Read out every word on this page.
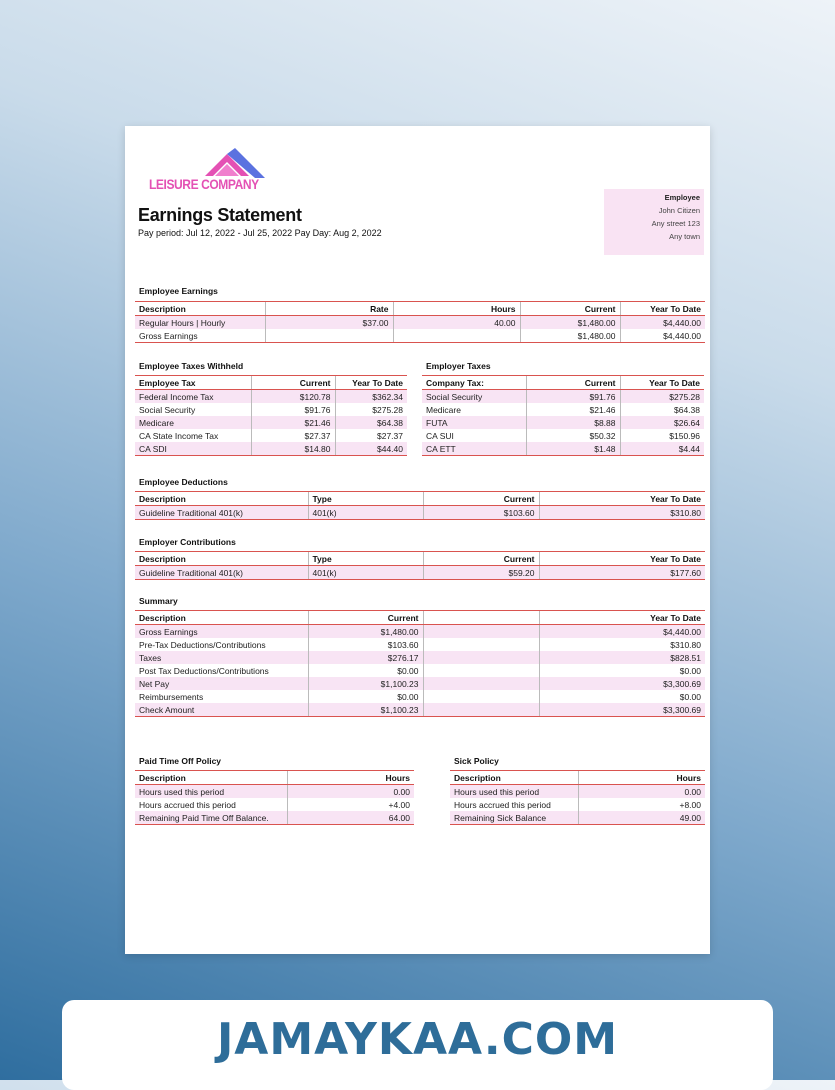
LEISURE COMPANY
Earnings Statement
Pay period: Jul 12, 2022 - Jul 25, 2022 Pay Day: Aug 2, 2022
Employee
John Citizen
Any street 123
Any town
Employee Earnings
Description	Rate	Hours	Current	Year To Date
Regular Hours | Hourly	$37.00	40.00	$1,480.00	$4,440.00
Gross Earnings			$1,480.00	$4,440.00
Employee Taxes Withheld
Employee Tax	Current	Year To Date
Federal Income Tax	$120.78	$362.34
Social Security	$91.76	$275.28
Medicare	$21.46	$64.38
CA State Income Tax	$27.37	$27.37
CA SDI	$14.80	$44.40
Employer Taxes
Company Tax:	Current	Year To Date
Social Security	$91.76	$275.28
Medicare	$21.46	$64.38
FUTA	$8.88	$26.64
CA SUI	$50.32	$150.96
CA ETT	$1.48	$4.44
Employee Deductions
Description	Type	Current	Year To Date
Guideline Traditional 401(k)	401(k)	$103.60	$310.80
Employer Contributions
Description	Type	Current	Year To Date
Guideline Traditional 401(k)	401(k)	$59.20	$177.60
Summary
Description	Current		Year To Date
Gross Earnings	$1,480.00		$4,440.00
Pre-Tax Deductions/Contributions	$103.60		$310.80
Taxes	$276.17		$828.51
Post Tax Deductions/Contributions	$0.00		$0.00
Net Pay	$1,100.23		$3,300.69
Reimbursements	$0.00		$0.00
Check Amount	$1,100.23		$3,300.69
Paid Time Off Policy
Description	Hours
Hours used this period	0.00
Hours accrued this period	+4.00
Remaining Paid Time Off Balance.	64.00
Sick Policy
Description	Hours
Hours used this period	0.00
Hours accrued this period	+8.00
Remaining Sick Balance	49.00
JAMAYKAA.COM
